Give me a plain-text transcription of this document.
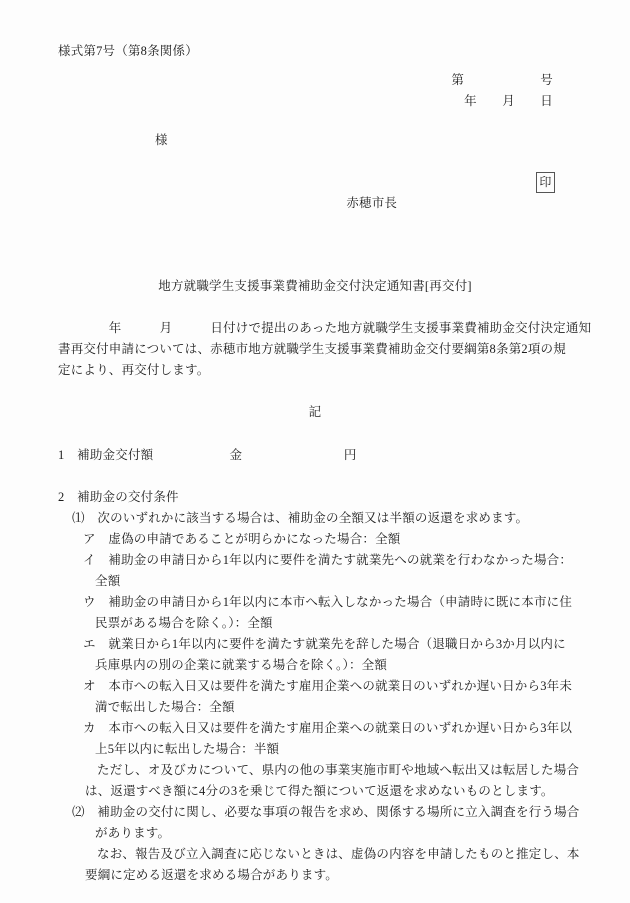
様式第7号（第8条関係）
第　　　　　　号
年　　月　　日
様

赤穂市長

印

地方就職学生支援事業費補助金交付決定通知書[再交付]
　　　　年　　　月　　　日付けで提出のあった地方就職学生支援事業費補助金交付決定通知
書再交付申請については、赤穂市地方就職学生支援事業費補助金交付要綱第8条第2項の規
定により、再交付します。
記
1　補助金交付額　　　　　　金　　　　　　　　円
2　補助金の交付条件
⑴　次のいずれかに該当する場合は、補助金の全額又は半額の返還を求めます。
ア　虚偽の申請であることが明らかになった場合：全額
イ　補助金の申請日から1年以内に要件を満たす就業先への就業を行わなかった場合：
全額
ウ　補助金の申請日から1年以内に本市へ転入しなかった場合（申請時に既に本市に住
民票がある場合を除く。）：全額
エ　就業日から1年以内に要件を満たす就業先を辞した場合（退職日から3か月以内に
兵庫県内の別の企業に就業する場合を除く。）：全額
オ　本市への転入日又は要件を満たす雇用企業への就業日のいずれか遅い日から3年未
満で転出した場合：全額
カ　本市への転入日又は要件を満たす雇用企業への就業日のいずれか遅い日から3年以
上5年以内に転出した場合：半額
ただし、オ及びカについて、県内の他の事業実施市町や地域へ転出又は転居した場合
は、返還すべき額に4分の3を乗じて得た額について返還を求めないものとします。
⑵　補助金の交付に関し、必要な事項の報告を求め、関係する場所に立入調査を行う場合
があります。
なお、報告及び立入調査に応じないときは、虚偽の内容を申請したものと推定し、本
要綱に定める返還を求める場合があります。
